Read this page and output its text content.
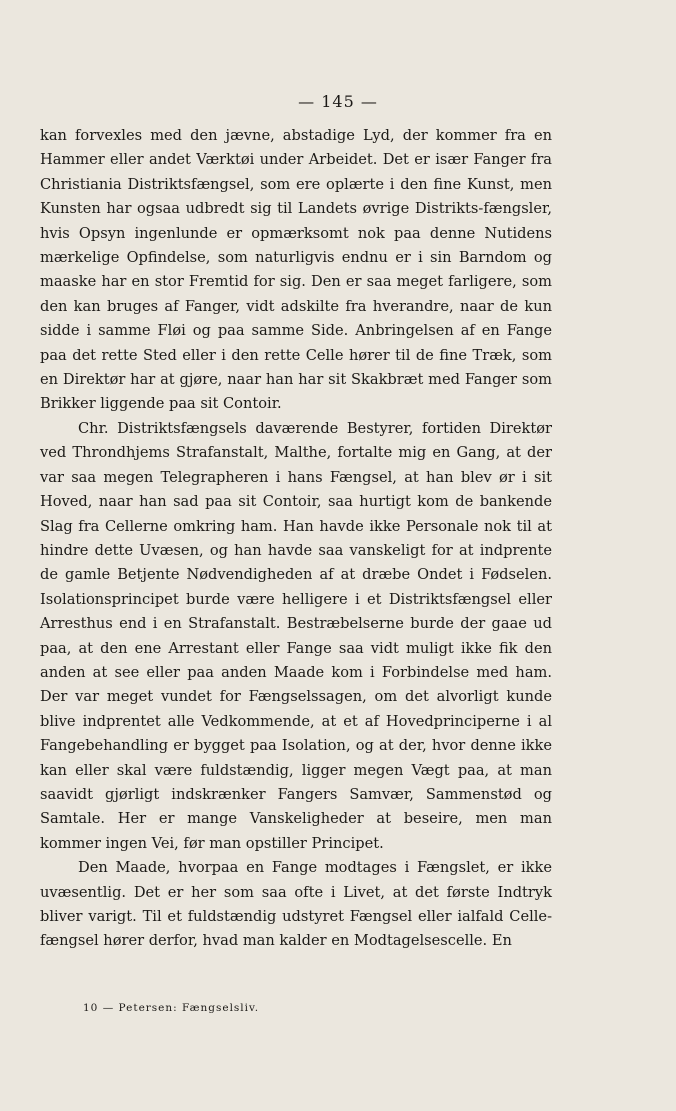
— 145 —

kan forvexles med den jævne, abstadige Lyd, der kommer fra en Hammer eller andet Værktøi under Arbeidet. Det er især Fanger fra Christiania Distriktsfængsel, som ere oplærte i den fine Kunst, men Kunsten har ogsaa udbredt sig til Landets øvrige Distrikts-fængsler, hvis Opsyn ingenlunde er opmærksomt nok paa denne Nutidens mærkelige Opfindelse, som naturligvis endnu er i sin Barndom og maaske har en stor Fremtid for sig. Den er saa meget farligere, som den kan bruges af Fanger, vidt adskilte fra hverandre, naar de kun sidde i samme Fløi og paa samme Side. Anbringelsen af en Fange paa det rette Sted eller i den rette Celle hører til de fine Træk, som en Direktør har at gjøre, naar han har sit Skakbræt med Fanger som Brikker liggende paa sit Contoir.

Chr. Distriktsfængsels daværende Bestyrer, fortiden Direktør ved Throndhjems Strafanstalt, Malthe, fortalte mig en Gang, at der var saa megen Telegrapheren i hans Fængsel, at han blev ør i sit Hoved, naar han sad paa sit Contoir, saa hurtigt kom de bankende Slag fra Cellerne omkring ham. Han havde ikke Personale nok til at hindre dette Uvæsen, og han havde saa vanskeligt for at indprente de gamle Betjente Nødvendigheden af at dræbe Ondet i Fødselen. Isolationsprincipet burde være helligere i et Distriktsfængsel eller Arresthus end i en Strafanstalt. Bestræbelserne burde der gaae ud paa, at den ene Arrestant eller Fange saa vidt muligt ikke fik den anden at see eller paa anden Maade kom i Forbindelse med ham. Der var meget vundet for Fængselssagen, om det alvorligt kunde blive indprentet alle Vedkommende, at et af Hovedprinciperne i al Fangebehandling er bygget paa Isolation, og at der, hvor denne ikke kan eller skal være fuldstændig, ligger megen Vægt paa, at man saavidt gjørligt indskrænker Fangers Samvær, Sammenstød og Samtale. Her er mange Vanskeligheder at beseire, men man kommer ingen Vei, før man opstiller Principet.

Den Maade, hvorpaa en Fange modtages i Fængslet, er ikke uvæsentlig. Det er her som saa ofte i Livet, at det første Indtryk bliver varigt. Til et fuldstændig udstyret Fængsel eller ialfald Celle-fængsel hører derfor, hvad man kalder en Modtagelsescelle. En

10 — Petersen: Fængselsliv.
